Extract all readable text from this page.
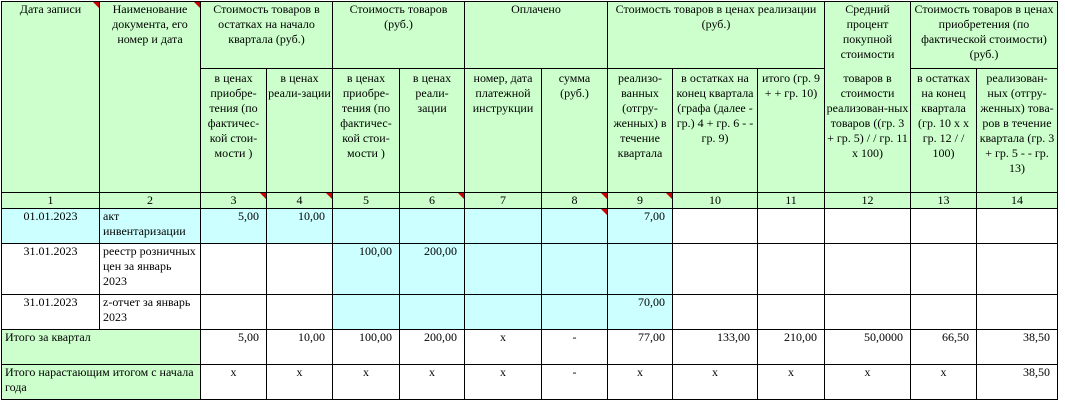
Дата записи	Наименование документа, его номер и дата	Стоимость товаров в остатках на начало квартала (руб.)		Стоимость товаров (руб.)		Оплачено		Стоимость товаров в ценах реализации (руб.)			Средний процент покупной стоимости	Стоимость товаров в ценах приобретения (по фактической стоимости) (руб.)	
		в ценах приобре-тения (по фактичес-кой стои-мости )	в ценах реали-зации	в ценах приобре-тения (по фактичес-кой стои-мости )	в ценах реали-зации	номер, дата платежной инструкции	сумма (руб.)	реализо-ванных (отгру-женных) в течение квартала	в остатках на конец квартала (графа (далее - гр.) 4 + гр. 6 - - гр. 9)	итого (гр. 9 + + гр. 10)	товаров в стоимости реализован-ных товаров ((гр. 3 + гр. 5) / / гр. 11 x 100)	в остатках на конец квартала (гр. 10 x x гр. 12 / / 100)	реализован-ных (отгру-женных) това-ров в течение квартала (гр. 3 + гр. 5 - - гр. 13)
1	2	3	4	5	6	7	8	9	10	11	12	13	14
01.01.2023	акт инвентаризации	5,00	10,00					7,00					
31.01.2023	реестр розничных цен за январь 2023			100,00	200,00								
31.01.2023	z-отчет за январь 2023							70,00					
Итого за квартал		5,00	10,00	100,00	200,00	x	-	77,00	133,00	210,00	50,0000	66,50	38,50
Итого нарастающим итогом с начала года		x	x	x	x	x	-	x	x	x	x	x	38,50
